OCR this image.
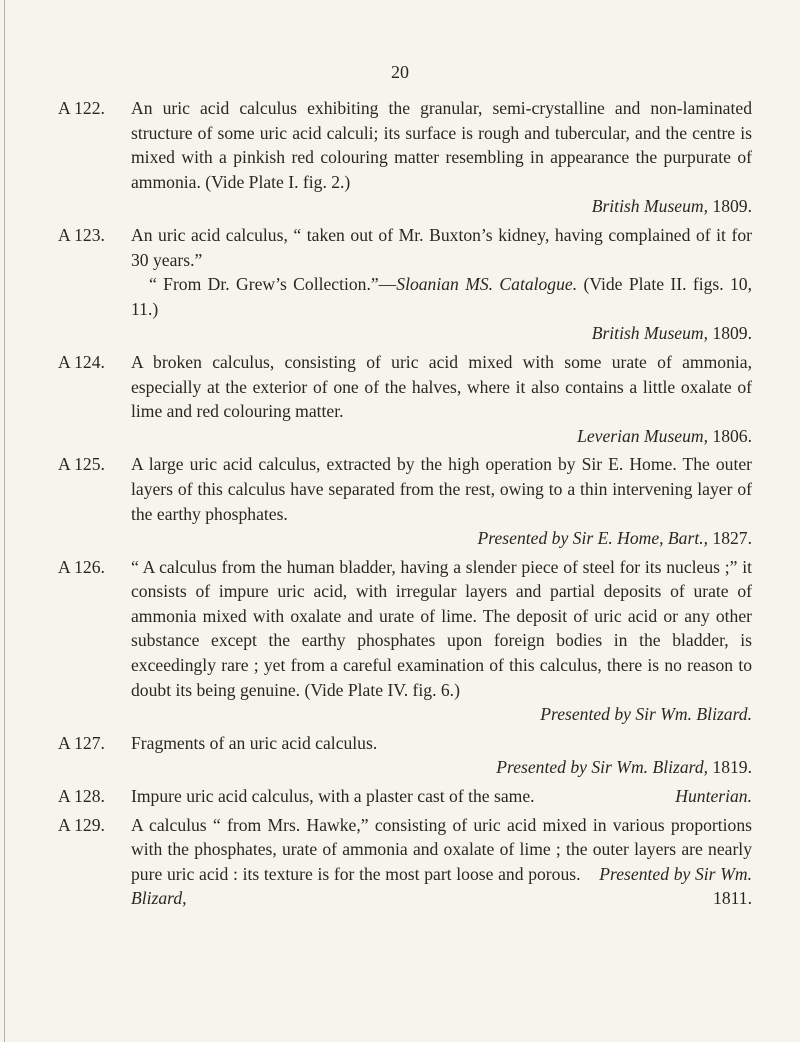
20
A 122. An uric acid calculus exhibiting the granular, semi-crystalline and non-laminated structure of some uric acid calculi; its surface is rough and tubercular, and the centre is mixed with a pinkish red colouring matter resembling in appearance the purpurate of ammonia. (Vide Plate I. fig. 2.)
British Museum, 1809.
A 123. An uric acid calculus, “ taken out of Mr. Buxton’s kidney, having complained of it for 30 years.”
“ From Dr. Grew’s Collection.”—Sloanian MS. Catalogue. (Vide Plate II. figs. 10, 11.)
British Museum, 1809.
A 124. A broken calculus, consisting of uric acid mixed with some urate of ammonia, especially at the exterior of one of the halves, where it also contains a little oxalate of lime and red colouring matter.
Leverian Museum, 1806.
A 125. A large uric acid calculus, extracted by the high operation by Sir E. Home. The outer layers of this calculus have separated from the rest, owing to a thin intervening layer of the earthy phosphates.
Presented by Sir E. Home, Bart., 1827.
A 126. “ A calculus from the human bladder, having a slender piece of steel for its nucleus ;” it consists of impure uric acid, with irregular layers and partial deposits of urate of ammonia mixed with oxalate and urate of lime. The deposit of uric acid or any other substance except the earthy phosphates upon foreign bodies in the bladder, is exceedingly rare ; yet from a careful examination of this calculus, there is no reason to doubt its being genuine. (Vide Plate IV. fig. 6.)
Presented by Sir Wm. Blizard.
A 127. Fragments of an uric acid calculus.
Presented by Sir Wm. Blizard, 1819.
A 128. Impure uric acid calculus, with a plaster cast of the same.	Hunterian.
A 129. A calculus “ from Mrs. Hawke,” consisting of uric acid mixed in various proportions with the phosphates, urate of ammonia and oxalate of lime ; the outer layers are nearly pure uric acid : its texture is for the most part loose and porous. Presented by Sir Wm. Blizard, 1811.
